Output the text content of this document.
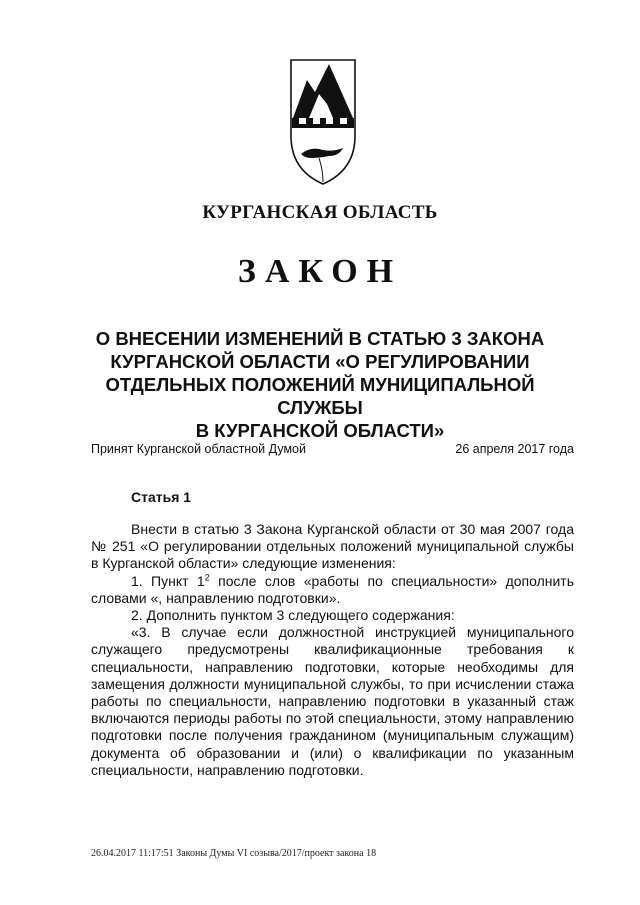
КУРГАНСКАЯ ОБЛАСТЬ
ЗАКОН
О ВНЕСЕНИИ ИЗМЕНЕНИЙ В СТАТЬЮ 3 ЗАКОНА
КУРГАНСКОЙ ОБЛАСТИ «О РЕГУЛИРОВАНИИ
ОТДЕЛЬНЫХ ПОЛОЖЕНИЙ МУНИЦИПАЛЬНОЙ СЛУЖБЫ
В КУРГАНСКОЙ ОБЛАСТИ»
Принят Курганской областной Думой	26 апреля 2017 года
Статья 1

Внести в статью 3 Закона Курганской области от 30 мая 2007 года № 251 «О регулировании отдельных положений муниципальной службы в Курганской области» следующие изменения:

1. Пункт $1^2$ после слов «работы по специальности» дополнить словами «, направлению подготовки».

2. Дополнить пунктом 3 следующего содержания:

«3. В случае если должностной инструкцией муниципального служащего предусмотрены квалификационные требования к специальности, направлению подготовки, которые необходимы для замещения должности муниципальной службы, то при исчислении стажа работы по специальности, направлению подготовки в указанный стаж включаются периоды работы по этой специальности, этому направлению подготовки после получения гражданином (муниципальным служащим) документа об образовании и (или) о квалификации по указанным специальности, направлению подготовки.

26.04.2017 11:17:51 Законы Думы VI созыва/2017/проект закона 18
